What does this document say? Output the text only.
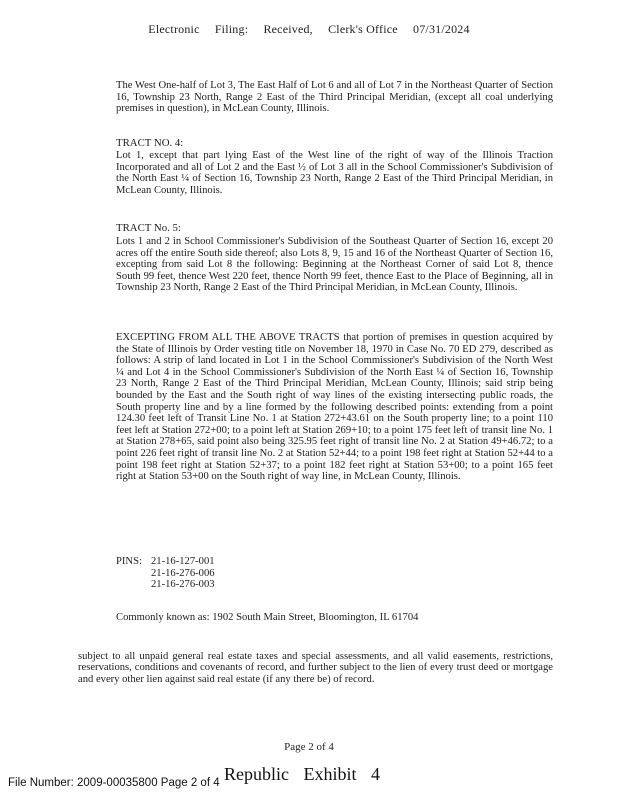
Electronic Filing: Received, Clerk's Office 07/31/2024

The West One-half of Lot 3, The East Half of Lot 6 and all of Lot 7 in the Northeast Quarter of Section 16, Township 23 North, Range 2 East of the Third Principal Meridian, (except all coal underlying premises in question), in McLean County, Illinois.

TRACT NO. 4:

Lot 1, except that part lying East of the West line of the right of way of the Illinois Traction Incorporated and all of Lot 2 and the East ½ of Lot 3 all in the School Commissioner's Subdivision of the North East ¼ of Section 16, Township 23 North, Range 2 East of the Third Principal Meridian, in McLean County, Illinois.

TRACT No. 5:

Lots 1 and 2 in School Commissioner's Subdivision of the Southeast Quarter of Section 16, except 20 acres off the entire South side thereof; also Lots 8, 9, 15 and 16 of the Northeast Quarter of Section 16, excepting from said Lot 8 the following: Beginning at the Northeast Corner of said Lot 8, thence South 99 feet, thence West 220 feet, thence North 99 feet, thence East to the Place of Beginning, all in Township 23 North, Range 2 East of the Third Principal Meridian, in McLean County, Illinois.

EXCEPTING FROM ALL THE ABOVE TRACTS that portion of premises in question acquired by the State of Illinois by Order vesting title on November 18, 1970 in Case No. 70 ED 279, described as follows: A strip of land located in Lot 1 in the School Commissioner's Subdivision of the North West ¼ and Lot 4 in the School Commissioner's Subdivision of the North East ¼ of Section 16, Township 23 North, Range 2 East of the Third Principal Meridian, McLean County, Illinois; said strip being bounded by the East and the South right of way lines of the existing intersecting public roads, the South property line and by a line formed by the following described points: extending from a point 124.30 feet left of Transit Line No. 1 at Station 272+43.61 on the South property line; to a point 110 feet left at Station 272+00; to a point left at Station 269+10; to a point 175 feet left of transit line No. 1 at Station 278+65, said point also being 325.95 feet right of transit line No. 2 at Station 49+46.72; to a point 226 feet right of transit line No. 2 at Station 52+44; to a point 198 feet right at Station 52+44 to a point 198 feet right at Station 52+37; to a point 182 feet right at Station 53+00; to a point 165 feet right at Station 53+00 on the South right of way line, in McLean County, Illinois.

PINS: 21-16-127-001
21-16-276-006
21-16-276-003
Commonly known as: 1902 South Main Street, Bloomington, IL 61704

subject to all unpaid general real estate taxes and special assessments, and all valid easements, restrictions, reservations, conditions and covenants of record, and further subject to the lien of every trust deed or mortgage and every other lien against said real estate (if any there be) of record.

Page 2 of 4
Republic Exhibit 4
File Number: 2009-00035800 Page 2 of 4
